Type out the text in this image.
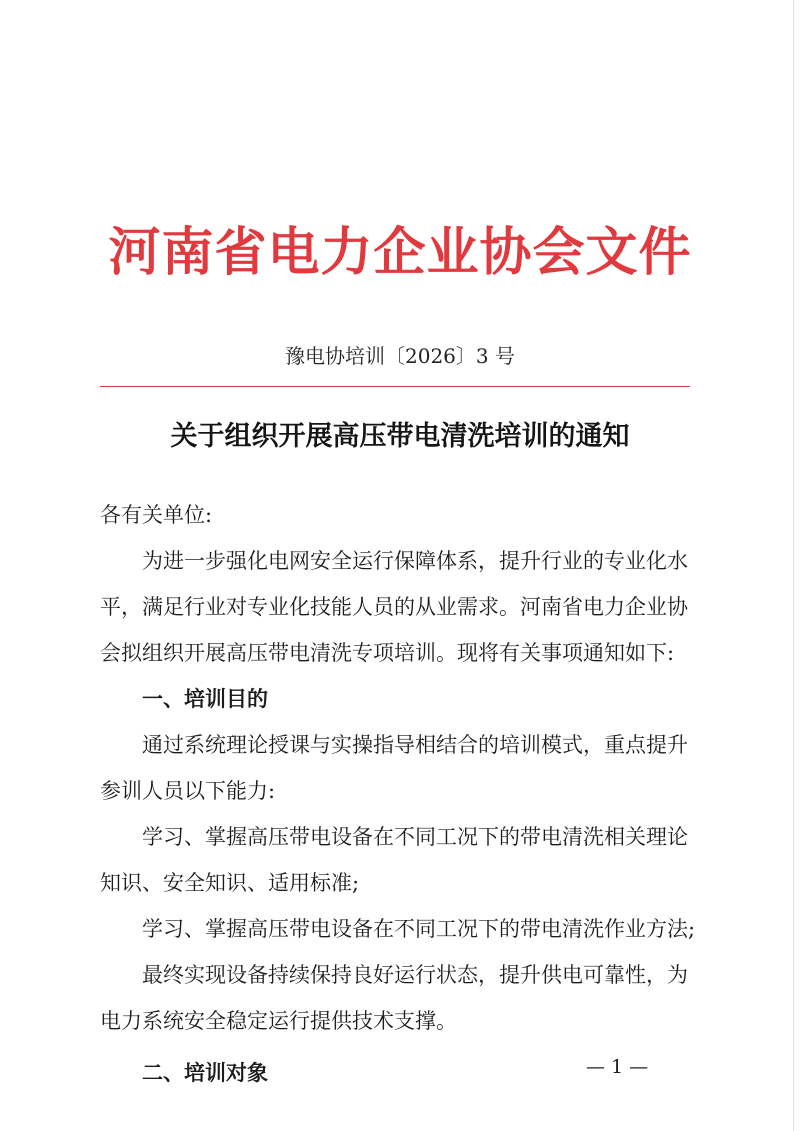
河南省电力企业协会文件
豫电协培训〔2026〕3 号
关于组织开展高压带电清洗培训的通知

各有关单位:

为进一步强化电网安全运行保障体系，提升行业的专业化水

平，满足行业对专业化技能人员的从业需求。河南省电力企业协

会拟组织开展高压带电清洗专项培训。现将有关事项通知如下:

一、培训目的

通过系统理论授课与实操指导相结合的培训模式，重点提升

参训人员以下能力:

学习、掌握高压带电设备在不同工况下的带电清洗相关理论

知识、安全知识、适用标准;

学习、掌握高压带电设备在不同工况下的带电清洗作业方法;

最终实现设备持续保持良好运行状态，提升供电可靠性，为

电力系统安全稳定运行提供技术支撑。

二、培训对象	— 1 —
